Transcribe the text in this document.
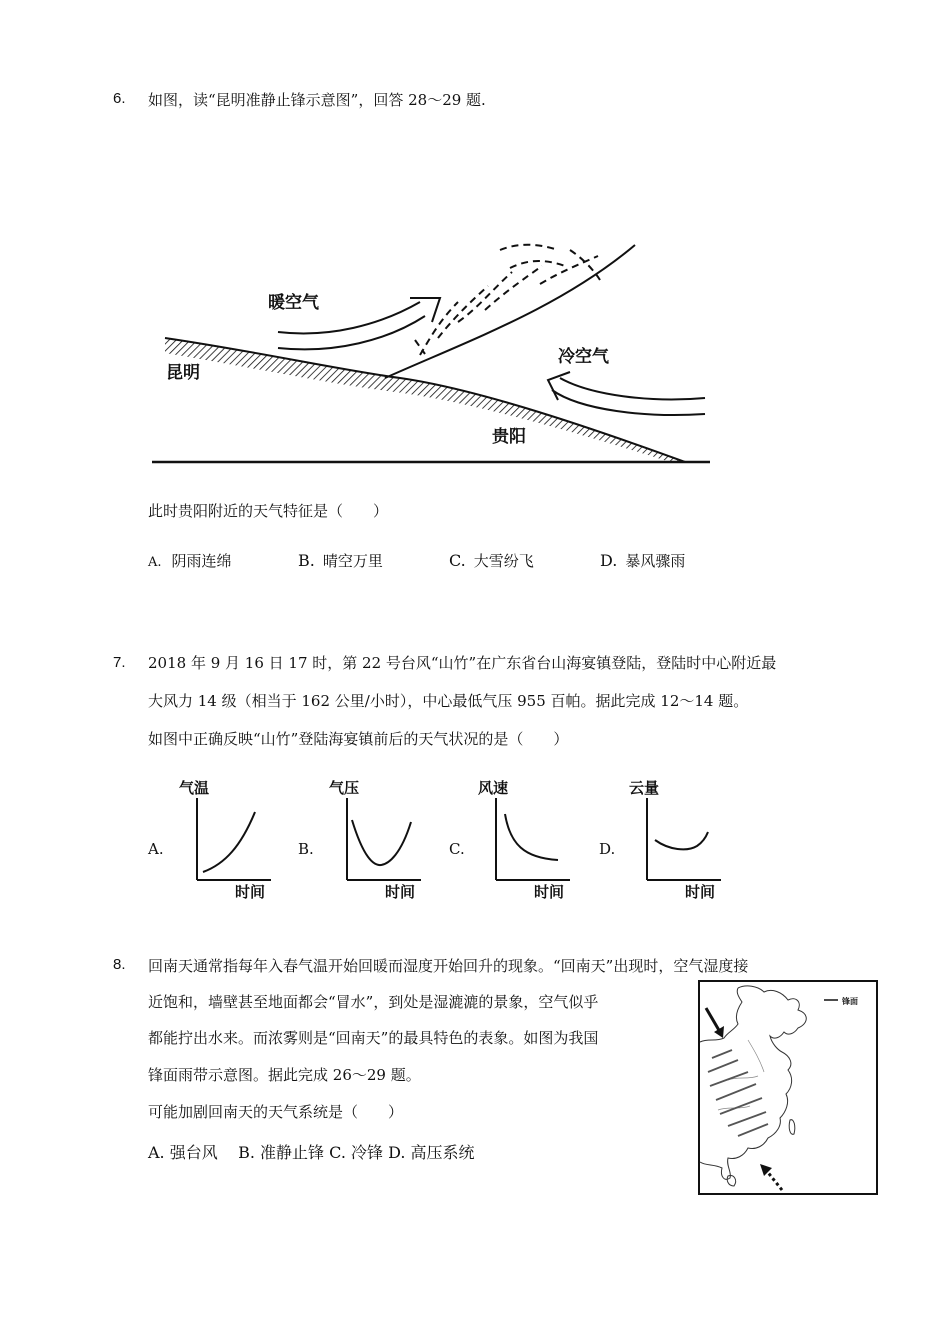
6. 如图，读“昆明准静止锋示意图”，回答 28～29 题.
暖空气
冷空气
昆明
贵阳
此时贵阳附近的天气特征是（　　）
A. 阴雨连绵	B. 晴空万里	C. 大雪纷飞	D. 暴风骤雨
7. 2018 年 9 月 16 日 17 时，第 22 号台风“山竹”在广东省台山海宴镇登陆，登陆时中心附近最
大风力 14 级（相当于 162 公里/小时），中心最低气压 955 百帕。据此完成 12～14 题。
如图中正确反映“山竹”登陆海宴镇前后的天气状况的是（　　）
A.
气温
时间
B.
气压
时间
C.
风速
时间
D.
云量
时间
8. 回南天通常指每年入春气温开始回暖而湿度开始回升的现象。“回南天”出现时，空气湿度接
近饱和，墙壁甚至地面都会“冒水”，到处是湿漉漉的景象，空气似乎
都能拧出水来。而浓雾则是“回南天”的最具特色的表象。如图为我国
锋面雨带示意图。据此完成 26～29 题。
可能加剧回南天的天气系统是（　　）
A. 强台风 B. 准静止锋 C. 冷锋 D. 高压系统
锋面
